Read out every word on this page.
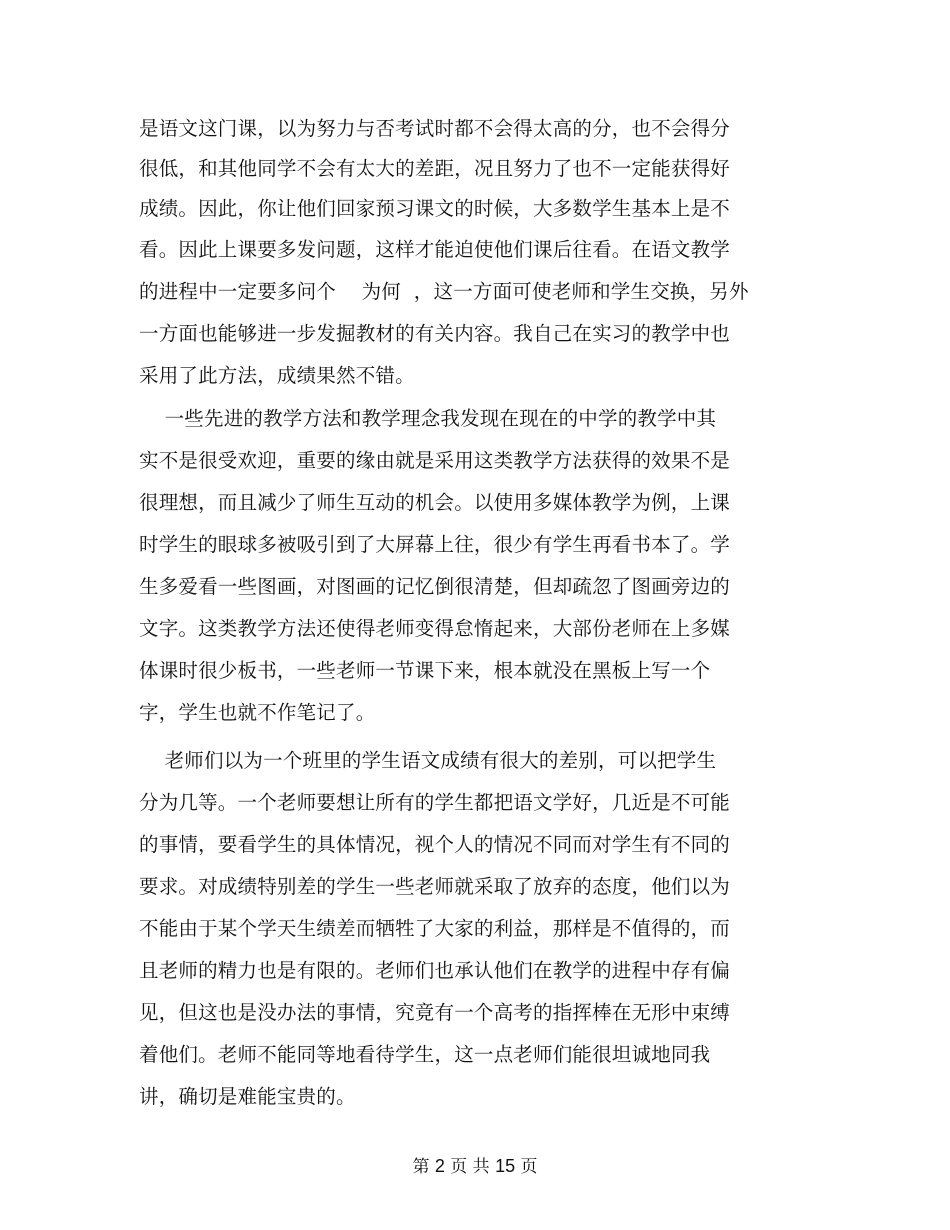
是语文这门课，以为努力与否考试时都不会得太高的分，也不会得分
很低，和其他同学不会有太大的差距，况且努力了也不一定能获得好
成绩。因此，你让他们回家预习课文的时候，大多数学生基本上是不
看。因此上课要多发问题，这样才能迫使他们课后往看。在语文教学
的进程中一定要多问个    为何  ，这一方面可使老师和学生交换，另外
一方面也能够进一步发掘教材的有关内容。我自己在实习的教学中也
采用了此方法，成绩果然不错。
一些先进的教学方法和教学理念我发现在现在的中学的教学中其
实不是很受欢迎，重要的缘由就是采用这类教学方法获得的效果不是
很理想，而且减少了师生互动的机会。以使用多媒体教学为例，上课
时学生的眼球多被吸引到了大屏幕上往，很少有学生再看书本了。学
生多爱看一些图画，对图画的记忆倒很清楚，但却疏忽了图画旁边的
文字。这类教学方法还使得老师变得怠惰起来，大部份老师在上多媒
体课时很少板书，一些老师一节课下来，根本就没在黑板上写一个
字，学生也就不作笔记了。
老师们以为一个班里的学生语文成绩有很大的差别，可以把学生
分为几等。一个老师要想让所有的学生都把语文学好，几近是不可能
的事情，要看学生的具体情况，视个人的情况不同而对学生有不同的
要求。对成绩特别差的学生一些老师就采取了放弃的态度，他们以为
不能由于某个学天生绩差而牺牲了大家的利益，那样是不值得的，而
且老师的精力也是有限的。老师们也承认他们在教学的进程中存有偏
见，但这也是没办法的事情，究竟有一个高考的指挥棒在无形中束缚
着他们。老师不能同等地看待学生，这一点老师们能很坦诚地同我
讲，确切是难能宝贵的。
第 2 页 共 15 页
